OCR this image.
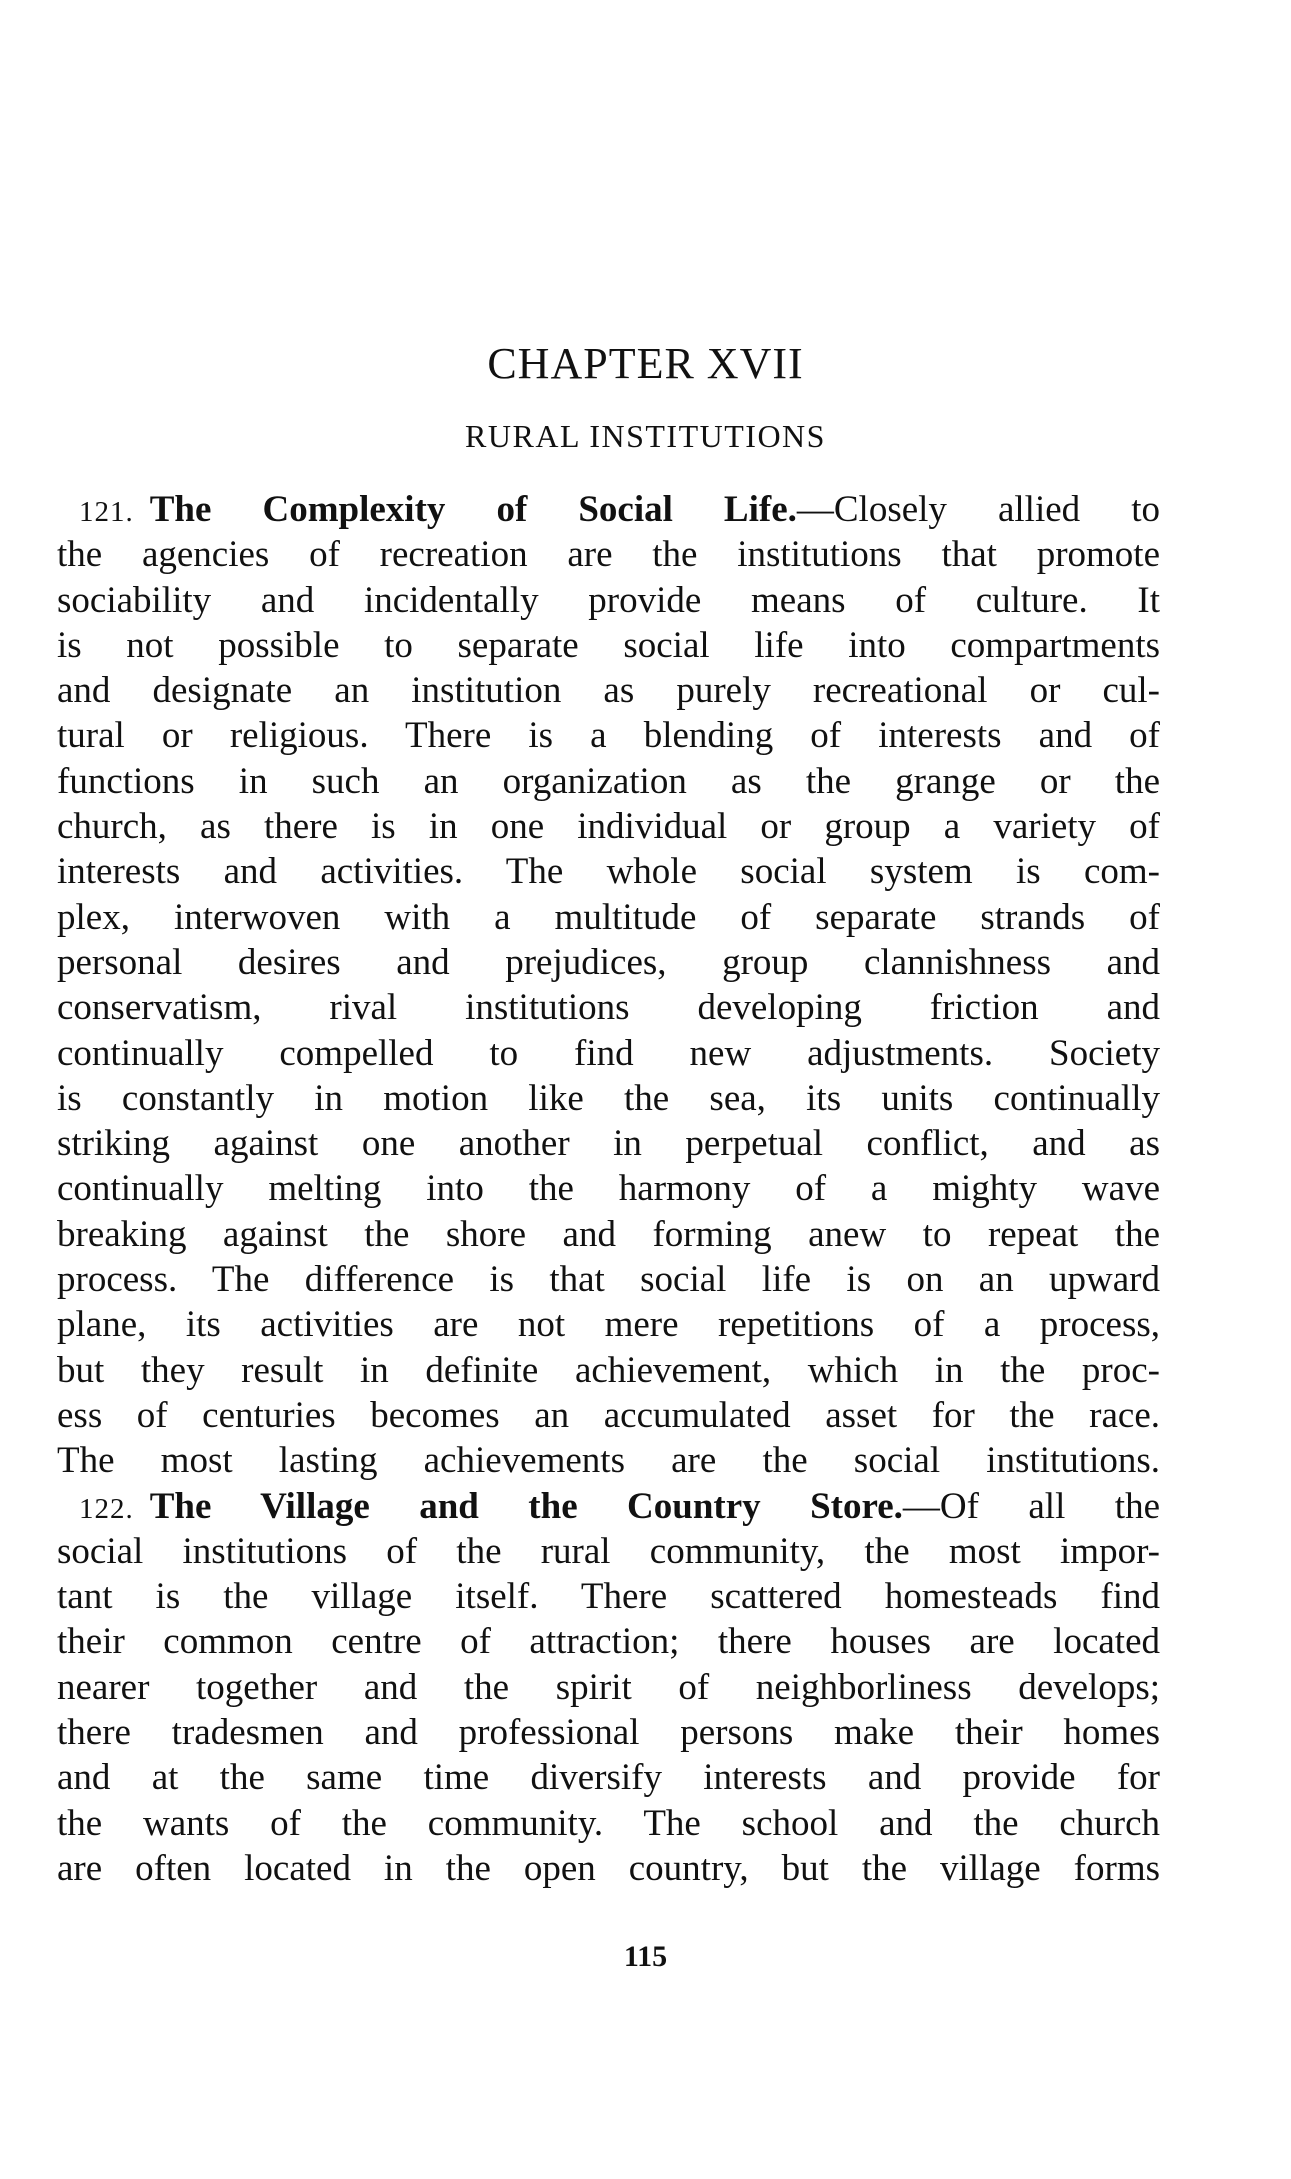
CHAPTER XVII
RURAL INSTITUTIONS
121. The Complexity of Social Life.—Closely allied to
the agencies of recreation are the institutions that promote
sociability and incidentally provide means of culture. It
is not possible to separate social life into compartments
and designate an institution as purely recreational or cul-
tural or religious. There is a blending of interests and of
functions in such an organization as the grange or the
church, as there is in one individual or group a variety of
interests and activities. The whole social system is com-
plex, interwoven with a multitude of separate strands of
personal desires and prejudices, group clannishness and
conservatism, rival institutions developing friction and
continually compelled to find new adjustments. Society
is constantly in motion like the sea, its units continually
striking against one another in perpetual conflict, and as
continually melting into the harmony of a mighty wave
breaking against the shore and forming anew to repeat the
process. The difference is that social life is on an upward
plane, its activities are not mere repetitions of a process,
but they result in definite achievement, which in the proc-
ess of centuries becomes an accumulated asset for the race.
The most lasting achievements are the social institutions.
122. The Village and the Country Store.—Of all the
social institutions of the rural community, the most impor-
tant is the village itself. There scattered homesteads find
their common centre of attraction; there houses are located
nearer together and the spirit of neighborliness develops;
there tradesmen and professional persons make their homes
and at the same time diversify interests and provide for
the wants of the community. The school and the church
are often located in the open country, but the village forms
115
